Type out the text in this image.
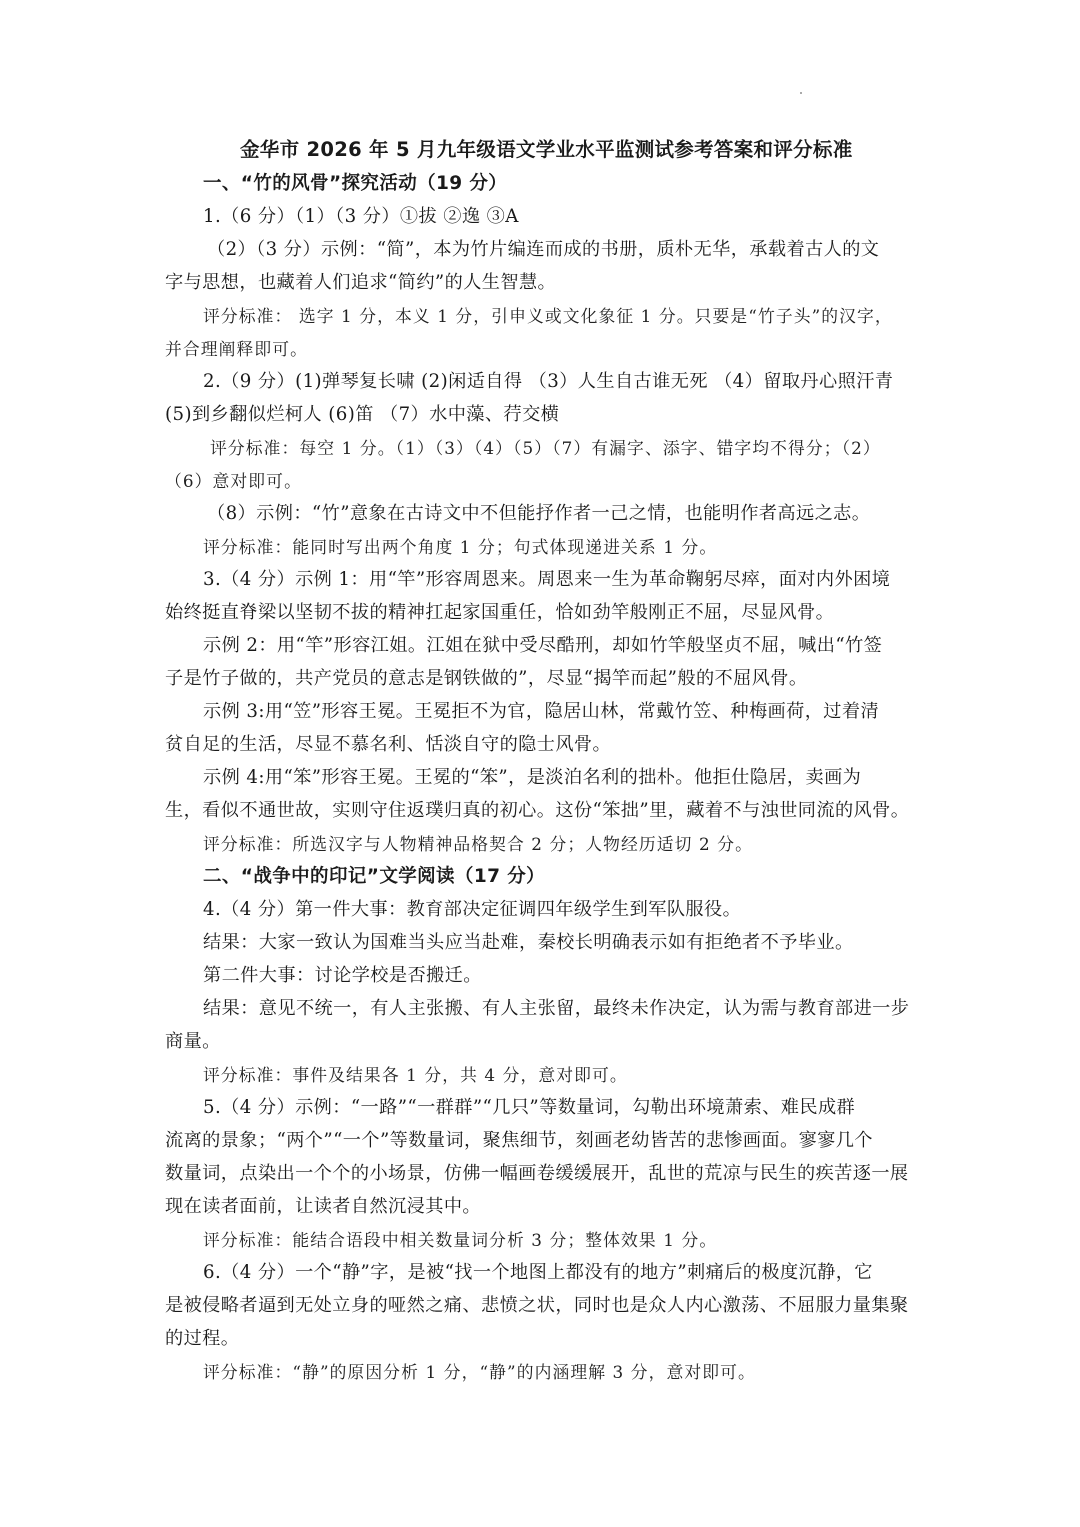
金华市 2026 年 5 月九年级语文学业水平监测试参考答案和评分标准

一、“竹的风骨”探究活动（19 分）

1.（6 分）（1）（3 分）①拔 ②逸 ③A

（2）（3 分）示例：“简”，本为竹片编连而成的书册，质朴无华，承载着古人的文

字与思想，也藏着人们追求“简约”的人生智慧。

评分标准： 选字 1 分，本义 1 分，引申义或文化象征 1 分。只要是“竹子头”的汉字，

并合理阐释即可。

2.（9 分）(1)弹琴复长啸 (2)闲适自得 （3）人生自古谁无死 （4）留取丹心照汗青

(5)到乡翻似烂柯人 (6)笛 （7）水中藻、荇交横

评分标准：每空 1 分。（1）（3）（4）（5）（7）有漏字、添字、错字均不得分；（2）

（6）意对即可。

（8）示例：“竹”意象在古诗文中不但能抒作者一己之情，也能明作者高远之志。

评分标准：能同时写出两个角度 1 分；句式体现递进关系 1 分。

3.（4 分）示例 1：用“竿”形容周恩来。周恩来一生为革命鞠躬尽瘁，面对内外困境

始终挺直脊梁以坚韧不拔的精神扛起家国重任，恰如劲竿般刚正不屈，尽显风骨。

示例 2：用“竿”形容江姐。江姐在狱中受尽酷刑，却如竹竿般坚贞不屈，喊出“竹签

子是竹子做的，共产党员的意志是钢铁做的”，尽显“揭竿而起”般的不屈风骨。

示例 3:用“笠”形容王冕。王冕拒不为官，隐居山林，常戴竹笠、种梅画荷，过着清

贫自足的生活，尽显不慕名利、恬淡自守的隐士风骨。

示例 4:用“笨”形容王冕。王冕的“笨”，是淡泊名利的拙朴。他拒仕隐居，卖画为

生，看似不通世故，实则守住返璞归真的初心。这份“笨拙”里，藏着不与浊世同流的风骨。

评分标准：所选汉字与人物精神品格契合 2 分；人物经历适切 2 分。

二、“战争中的印记”文学阅读（17 分）

4.（4 分）第一件大事：教育部决定征调四年级学生到军队服役。

结果：大家一致认为国难当头应当赴难，秦校长明确表示如有拒绝者不予毕业。

第二件大事：讨论学校是否搬迁。

结果：意见不统一，有人主张搬、有人主张留，最终未作决定，认为需与教育部进一步

商量。

评分标准：事件及结果各 1 分，共 4 分，意对即可。

5.（4 分）示例：“一路”“一群群”“几只”等数量词，勾勒出环境萧索、难民成群

流离的景象；“两个”“一个”等数量词，聚焦细节，刻画老幼皆苦的悲惨画面。寥寥几个

数量词，点染出一个个的小场景，仿佛一幅画卷缓缓展开，乱世的荒凉与民生的疾苦逐一展

现在读者面前，让读者自然沉浸其中。

评分标准：能结合语段中相关数量词分析 3 分；整体效果 1 分。

6.（4 分）一个“静”字，是被“找一个地图上都没有的地方”刺痛后的极度沉静，它

是被侵略者逼到无处立身的哑然之痛、悲愤之状，同时也是众人内心激荡、不屈服力量集聚

的过程。

评分标准：“静”的原因分析 1 分，“静”的内涵理解 3 分，意对即可。
